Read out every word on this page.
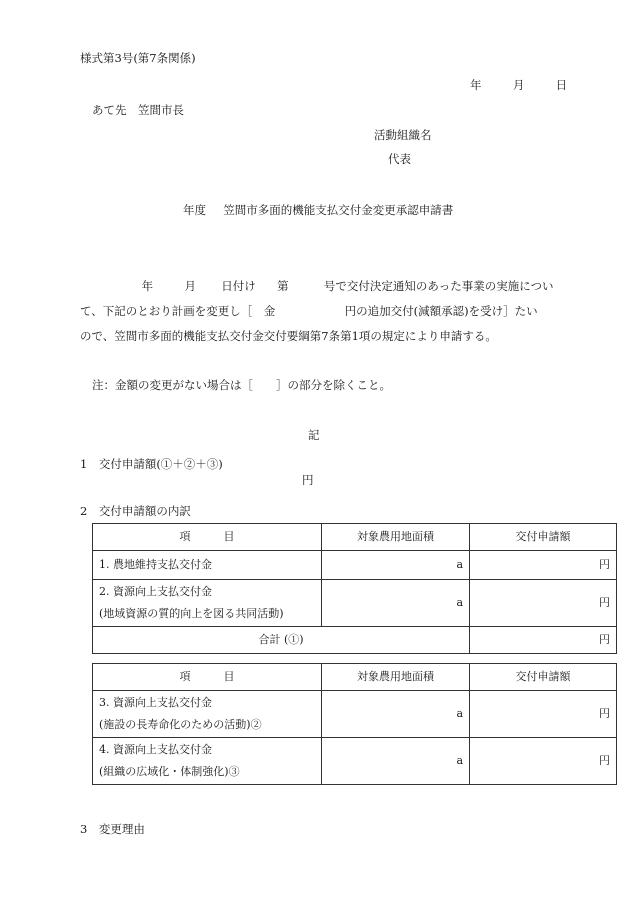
様式第3号(第7条関係)
年	月	日
あて先　笠間市長
活動組織名
代表
年度 笠間市多面的機能支払交付金変更承認申請書
年	月 日付け 第	号で交付決定通知のあった事業の実施につい
て、下記のとおり計画を変更し［　金	円の追加交付(減額承認)を受け］たい
ので、笠間市多面的機能支払交付金交付要綱第7条第1項の規定により申請する。
注：金額の変更がない場合は［　　］の部分を除くこと。
記
1　交付申請額(①＋②＋③)
円
2　交付申請額の内訳
項　　　目	対象農用地面積	交付申請額
1. 農地維持支払交付金	a	円

2. 資源向上支払交付金
(地域資源の質的向上を図る共同活動)	a	円
合計 (①)		円
項　　　目	対象農用地面積	交付申請額

3. 資源向上支払交付金
(施設の長寿命化のための活動)②	a	円

4. 資源向上支払交付金
(組織の広域化・体制強化)③	a	円
3　変更理由
